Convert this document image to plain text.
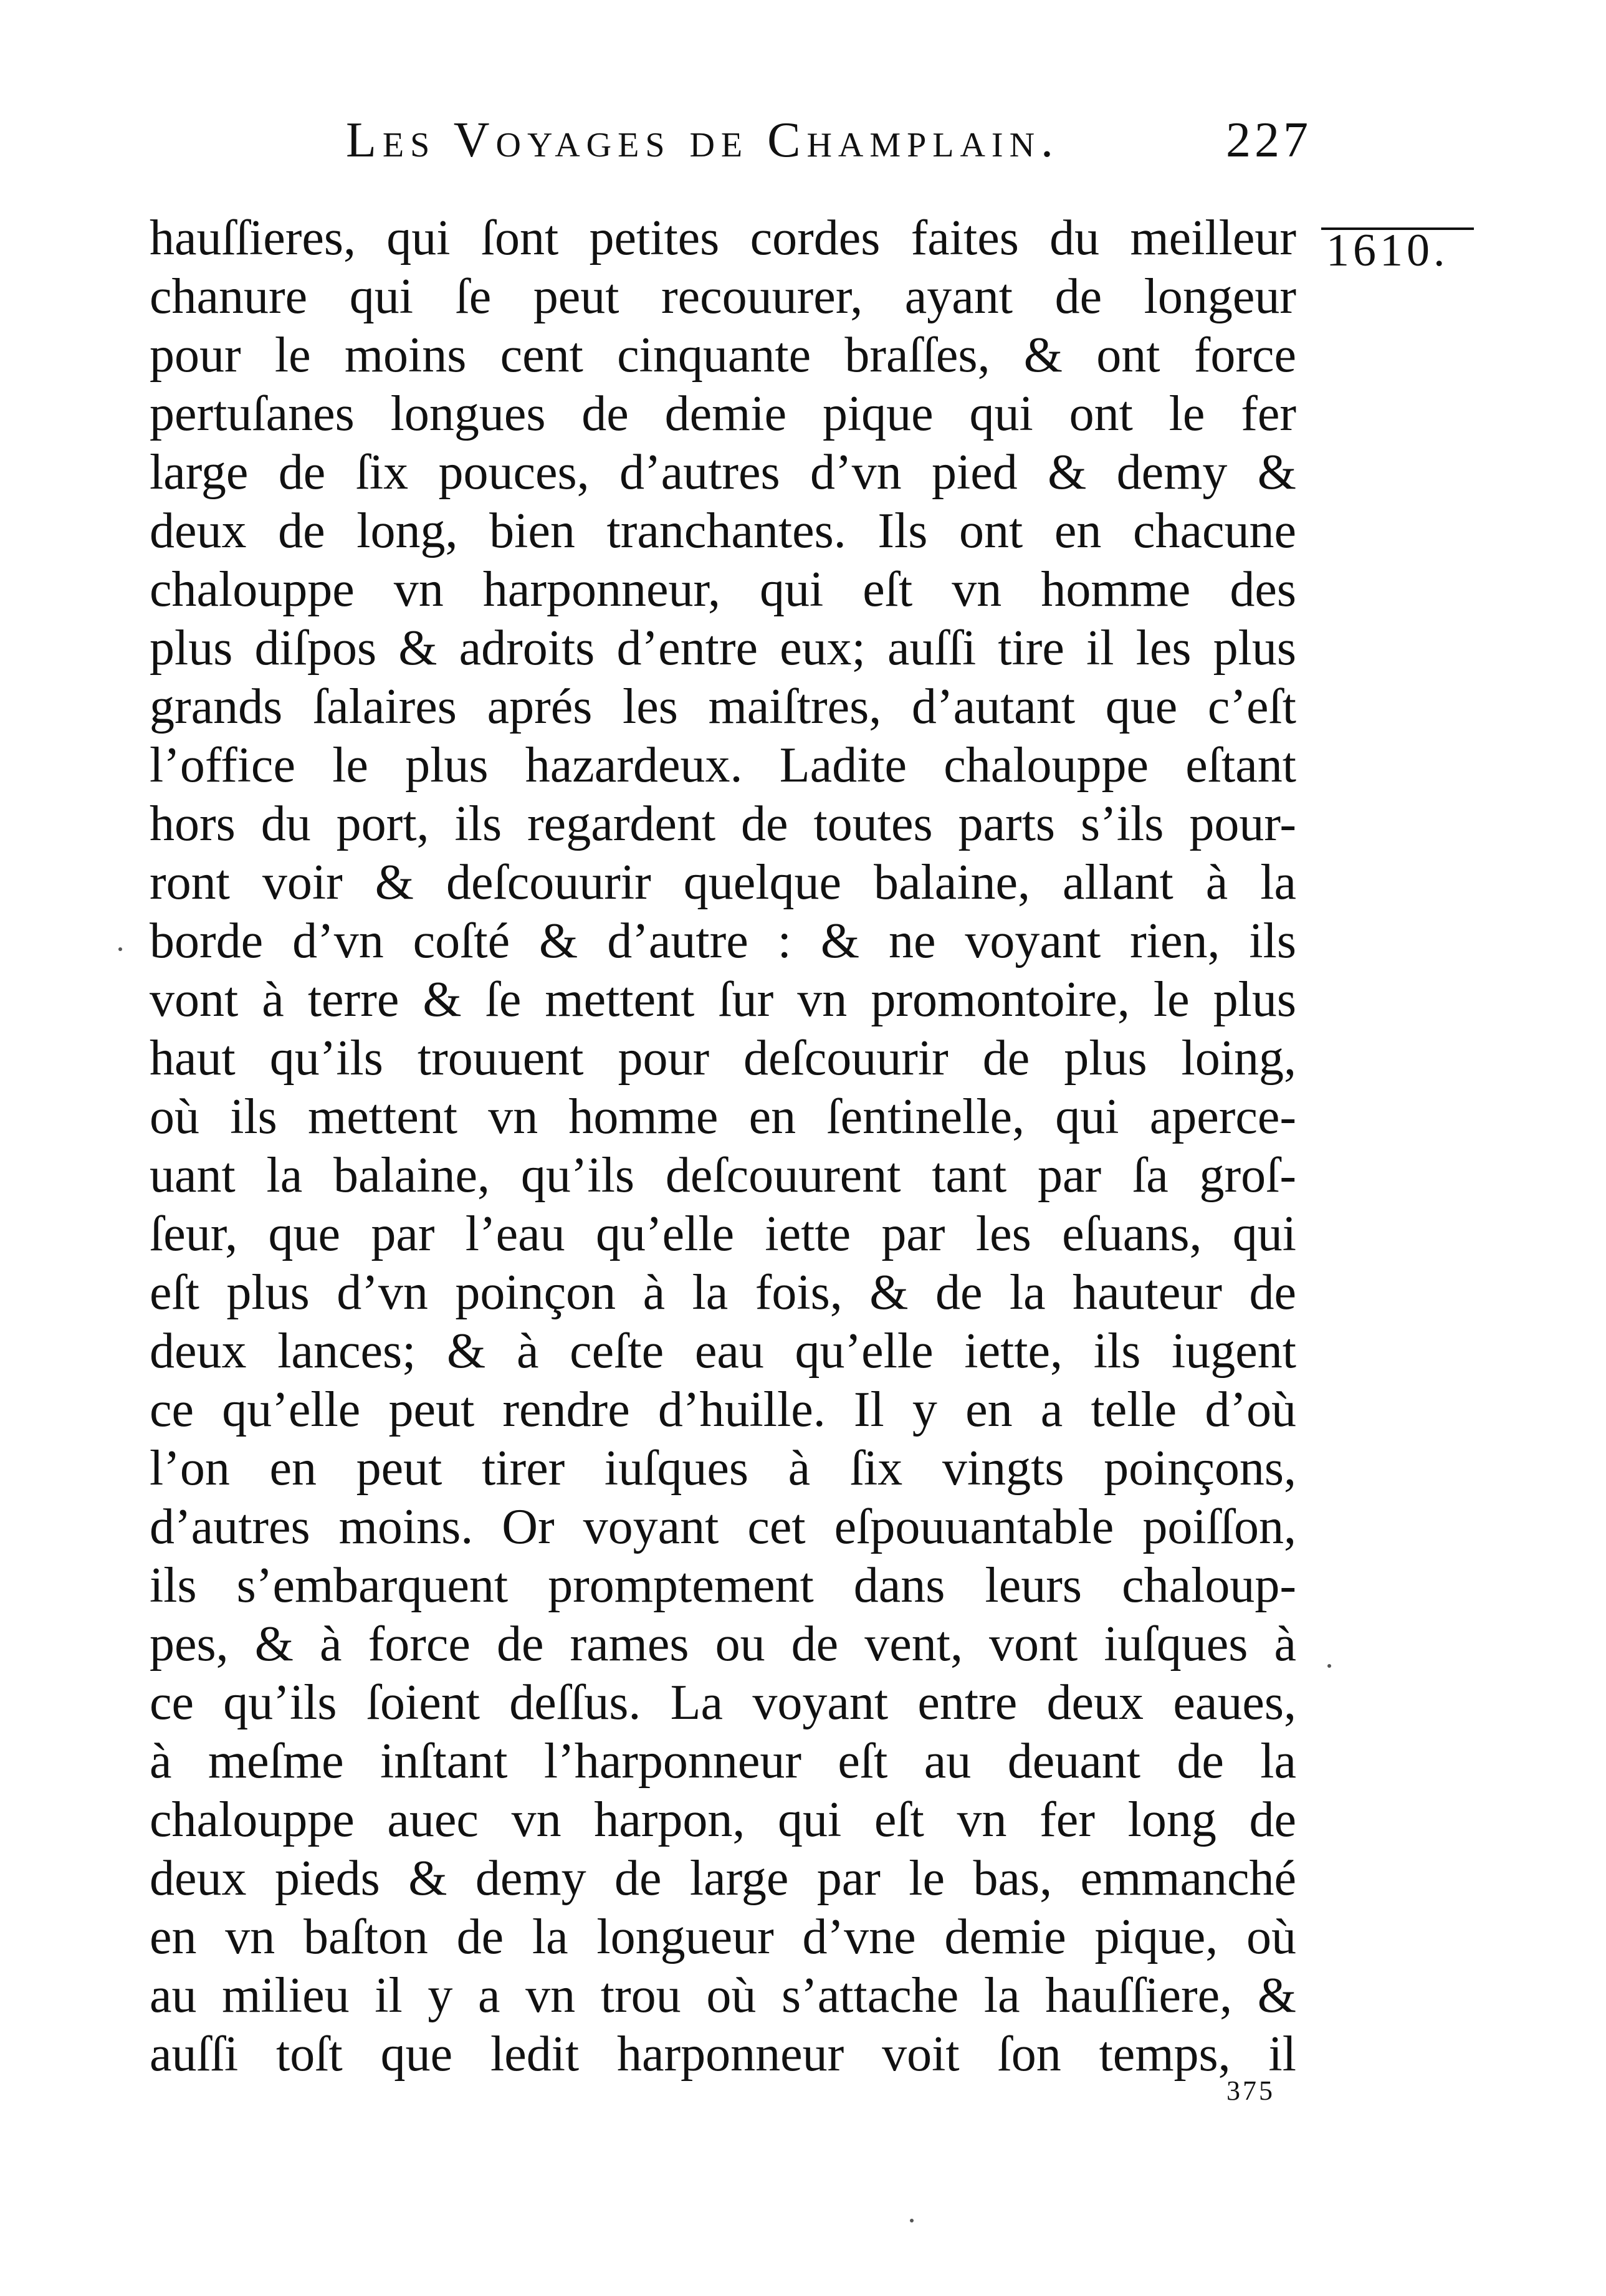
Les Voyages de Champlain.	227
1610.
hauſſieres, qui ſont petites cordes faites du meilleur
chanure qui ſe peut recouurer, ayant de longeur
pour le moins cent cinquante braſſes, & ont force
pertuſanes longues de demie pique qui ont le fer
large de ſix pouces, d’autres d’vn pied & demy &
deux de long, bien tranchantes. Ils ont en chacune
chalouppe vn harponneur, qui eſt vn homme des
plus diſpos & adroits d’entre eux; auſſi tire il les plus
grands ſalaires aprés les maiſtres, d’autant que c’eſt
l’office le plus hazardeux. Ladite chalouppe eſtant
hors du port, ils regardent de toutes parts s’ils pour-
ront voir & deſcouurir quelque balaine, allant à la
borde d’vn coſté & d’autre : & ne voyant rien, ils
vont à terre & ſe mettent ſur vn promontoire, le plus
haut qu’ils trouuent pour deſcouurir de plus loing,
où ils mettent vn homme en ſentinelle, qui aperce-
uant la balaine, qu’ils deſcouurent tant par ſa groſ-
ſeur, que par l’eau qu’elle iette par les eſuans, qui
eſt plus d’vn poinçon à la fois, & de la hauteur de
deux lances; & à ceſte eau qu’elle iette, ils iugent
ce qu’elle peut rendre d’huille. Il y en a telle d’où
l’on en peut tirer iuſques à ſix vingts poinçons,
d’autres moins. Or voyant cet eſpouuantable poiſſon,
ils s’embarquent promptement dans leurs chaloup-
pes, & à force de rames ou de vent, vont iuſques à
ce qu’ils ſoient deſſus. La voyant entre deux eaues,
à meſme inſtant l’harponneur eſt au deuant de la
chalouppe auec vn harpon, qui eſt vn fer long de
deux pieds & demy de large par le bas, emmanché
en vn baſton de la longueur d’vne demie pique, où
au milieu il y a vn trou où s’attache la hauſſiere, &
auſſi toſt que ledit harponneur voit ſon temps, il
375
